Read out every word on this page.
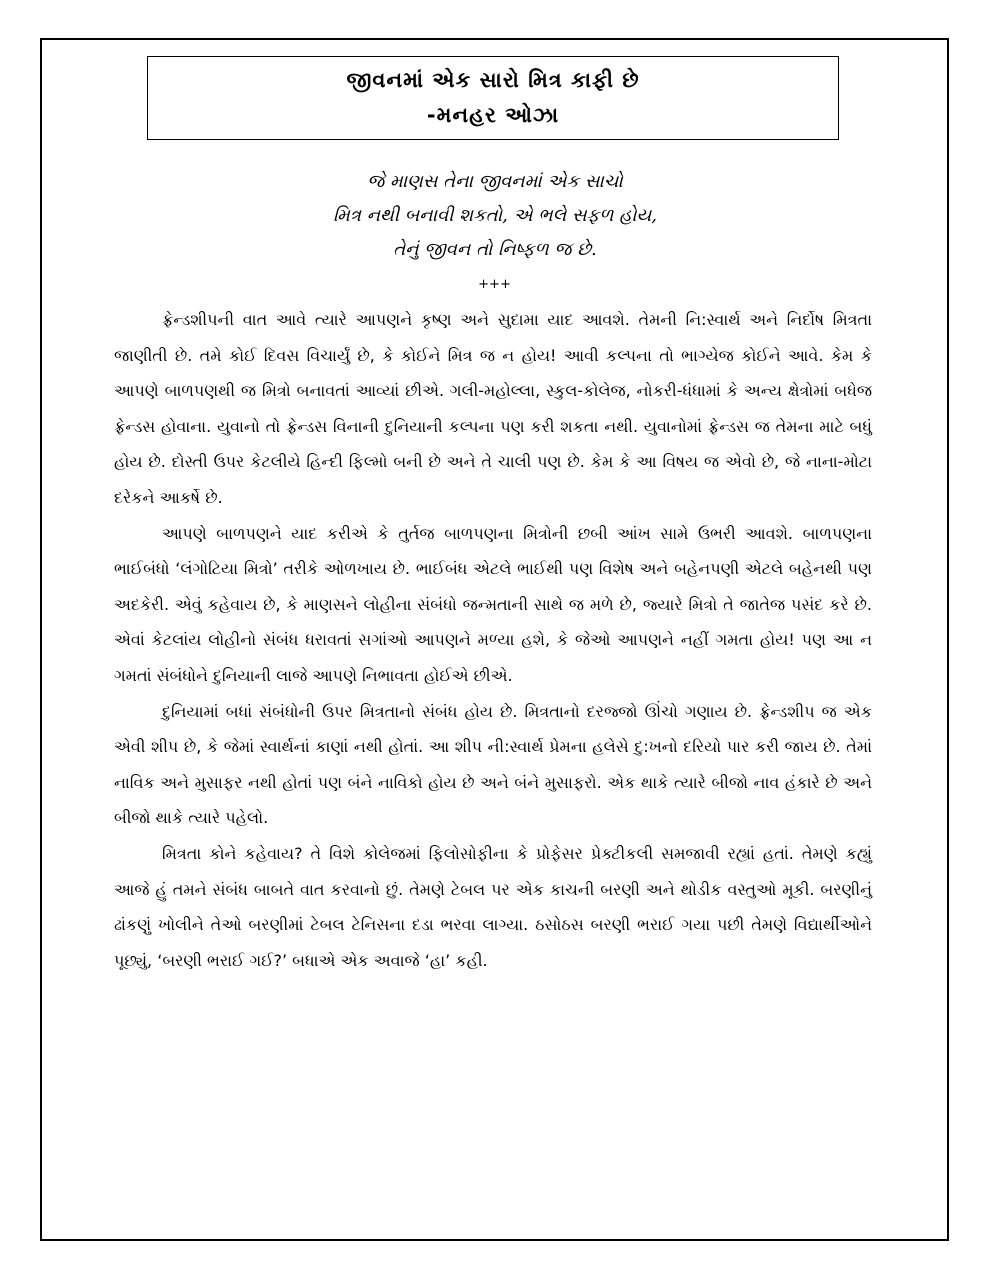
જીવનમાં એક સારો મિત્ર કાફી છે
-મનહર ઓઝા
જે માણસ તેના જીવનમાં એક સાચો
મિત્ર નથી બનાવી શકતો, એ ભલે સફળ હોય,
તેનું જીવન તો નિષ્ફળ જ છે.
+++

ફ્રેન્ડશીપની વાત આવે ત્યારે આપણને કૃષ્ણ અને સુદામા યાદ આવશે. તેમની નિ:સ્વાર્થ અને નિર્દોષ મિત્રતા જાણીતી છે. તમે કોઈ દિવસ વિચાર્યું છે, કે કોઈને મિત્ર જ ન હોય! આવી કલ્પના તો ભાગ્યેજ કોઈને આવે. કેમ કે આપણે બાળપણથી જ મિત્રો બનાવતાં આવ્યાં છીએ. ગલી-મહોલ્લા, સ્કુલ-કોલેજ, નોકરી-ધંધામાં કે અન્ય ક્ષેત્રોમાં બધેજ ફ્રેન્ડસ હોવાના. યુવાનો તો ફ્રેન્ડસ વિનાની દુનિયાની કલ્પના પણ કરી શકતા નથી. યુવાનોમાં ફ્રેન્ડસ જ તેમના માટે બધું હોય છે. દોસ્તી ઉપર કેટલીયે હિન્દી ફિલ્મો બની છે અને તે ચાલી પણ છે. કેમ કે આ વિષય જ એવો છે, જે નાના-મોટા દરેકને આકર્ષે છે.

આપણે બાળપણને યાદ કરીએ કે તુર્તજ બાળપણના મિત્રોની છબી આંખ સામે ઉભરી આવશે. બાળપણના ભાઈબંધો ‘લંગોટિયા મિત્રો’ તરીકે ઓળખાય છે. ભાઈબંધ એટલે ભાઈથી પણ વિશેષ અને બહેનપણી એટલે બહેનથી પણ અદકેરી. એવું કહેવાય છે, કે માણસને લોહીના સંબંધો જન્મતાની સાથે જ મળે છે, જ્યારે મિત્રો તે જાતેજ પસંદ કરે છે. એવાં કેટલાંય લોહીનો સંબંધ ધરાવતાં સગાંઓ આપણને મળ્યા હશે, કે જેઓ આપણને નહીં ગમતા હોય! પણ આ ન ગમતાં સંબંધોને દુનિયાની લાજે આપણે નિભાવતા હોઈએ છીએ.

દુનિયામાં બધાં સંબંધોની ઉપર મિત્રતાનો સંબંધ હોય છે. મિત્રતાનો દરજ્જો ઊંચો ગણાય છે. ફ્રેન્ડશીપ જ એક એવી શીપ છે, કે જેમાં સ્વાર્થનાં કાણાં નથી હોતાં. આ શીપ ની:સ્વાર્થ પ્રેમના હલેસે દુ:ખનો દરિયો પાર કરી જાય છે. તેમાં નાવિક અને મુસાફર નથી હોતાં પણ બંને નાવિકો હોય છે અને બંને મુસાફરો. એક થાકે ત્યારે બીજો નાવ હંકારે છે અને બીજો થાકે ત્યારે પહેલો.

મિત્રતા કોને કહેવાય? તે વિશે કોલેજમાં ફિલોસોફીના કે પ્રોફેસર પ્રેક્ટીકલી સમજાવી રહ્યાં હતાં. તેમણે કહ્યું આજે હું તમને સંબંધ બાબતે વાત કરવાનો છું. તેમણે ટેબલ પર એક કાચની બરણી અને થોડીક વસ્તુઓ મૂકી. બરણીનું ઢાંકણું ખોલીને તેઓ બરણીમાં ટેબલ ટેનિસના દડા ભરવા લાગ્યા. ઠસોઠસ બરણી ભરાઈ ગયા પછી તેમણે વિદ્યાર્થીઓને પૂછ્યું, ‘બરણી ભરાઈ ગઈ?’ બધાએ એક અવાજે ‘હા’ કહી.
